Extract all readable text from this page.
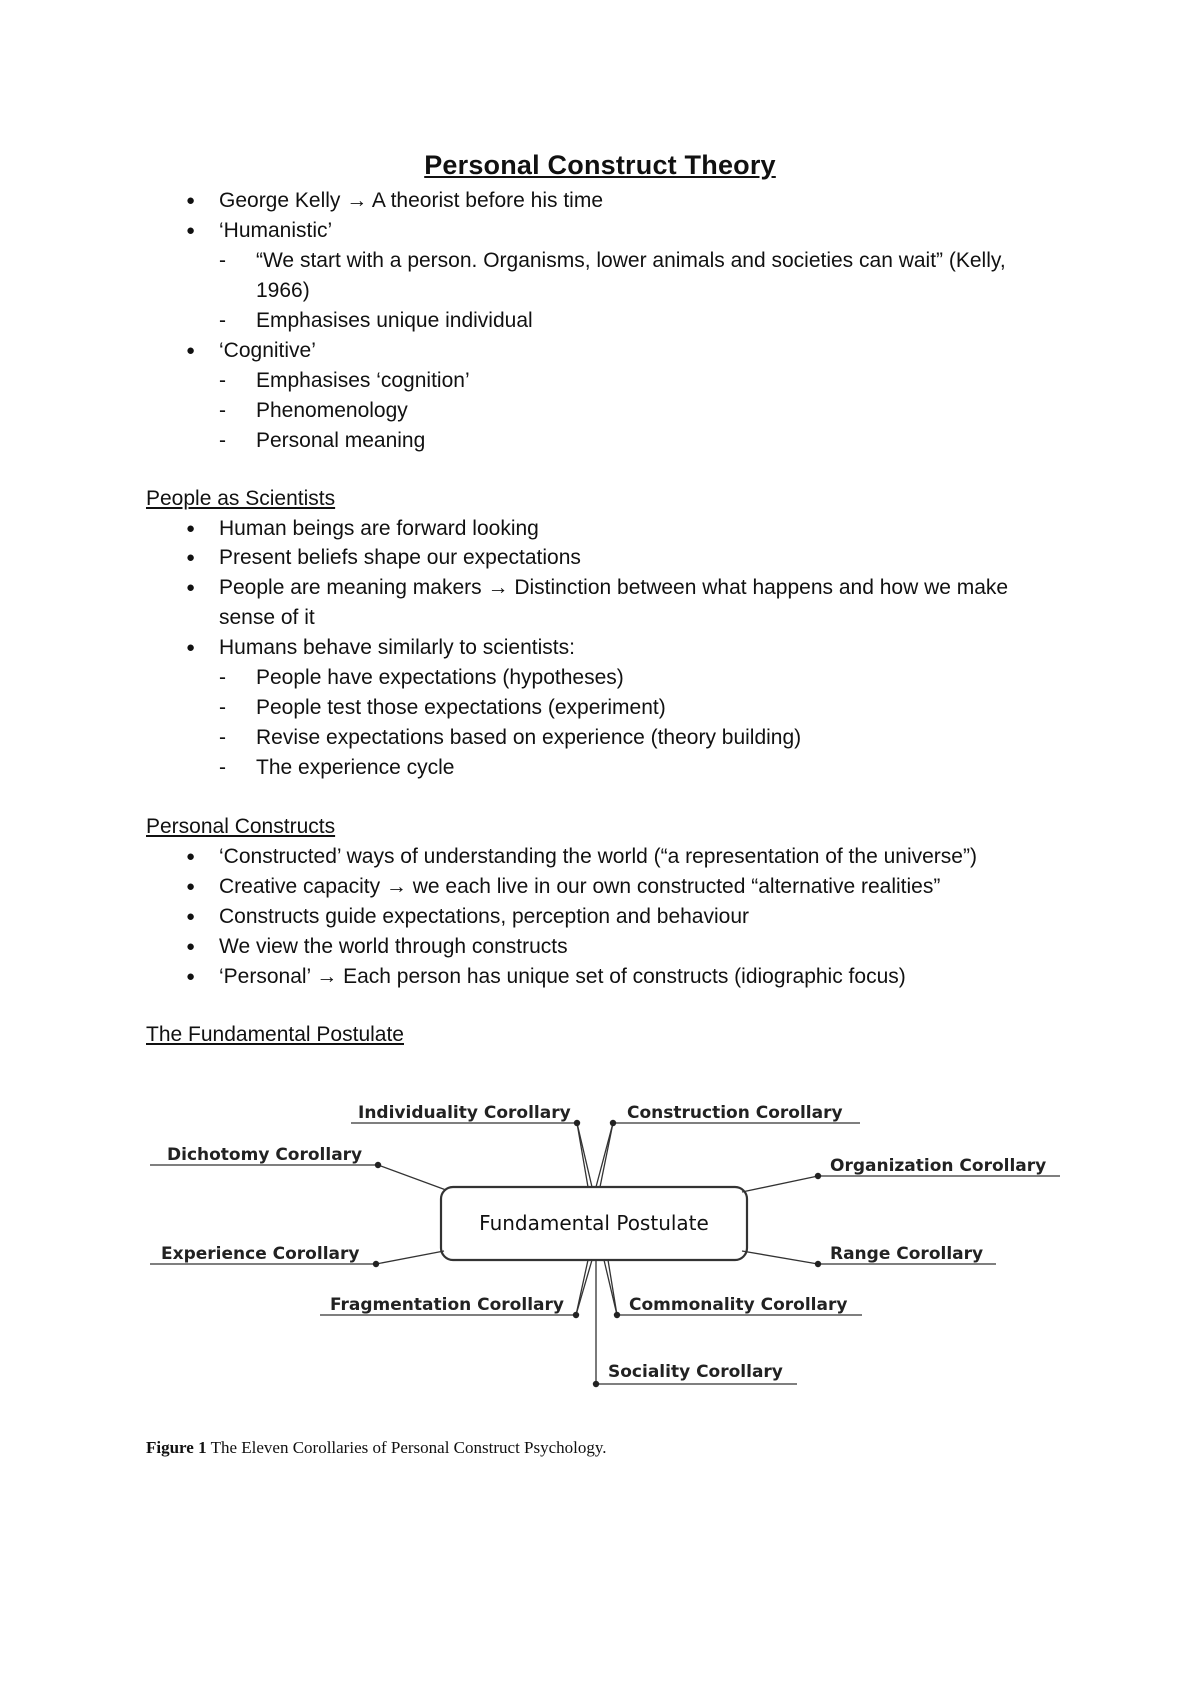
Personal Construct Theory
● George Kelly → A theorist before his time
● ‘Humanistic’
- “We start with a person. Organisms, lower animals and societies can wait” (Kelly,
1966)
- Emphasises unique individual
● ‘Cognitive’
- Emphasises ‘cognition’
- Phenomenology
- Personal meaning
People as Scientists
● Human beings are forward looking
● Present beliefs shape our expectations
● People are meaning makers → Distinction between what happens and how we make
sense of it
● Humans behave similarly to scientists:
- People have expectations (hypotheses)
- People test those expectations (experiment)
- Revise expectations based on experience (theory building)
- The experience cycle
Personal Constructs
● ‘Constructed’ ways of understanding the world (“a representation of the universe”)
● Creative capacity → we each live in our own constructed “alternative realities”
● Constructs guide expectations, perception and behaviour
● We view the world through constructs
● ‘Personal’ → Each person has unique set of constructs (idiographic focus)
The Fundamental Postulate
Fundamental Postulate
Individuality Corollary	Construction Corollary
Dichotomy Corollary
Organization Corollary
Experience Corollary	Range Corollary
Fragmentation Corollary	Commonality Corollary
Sociality Corollary
Figure 1 The Eleven Corollaries of Personal Construct Psychology.
